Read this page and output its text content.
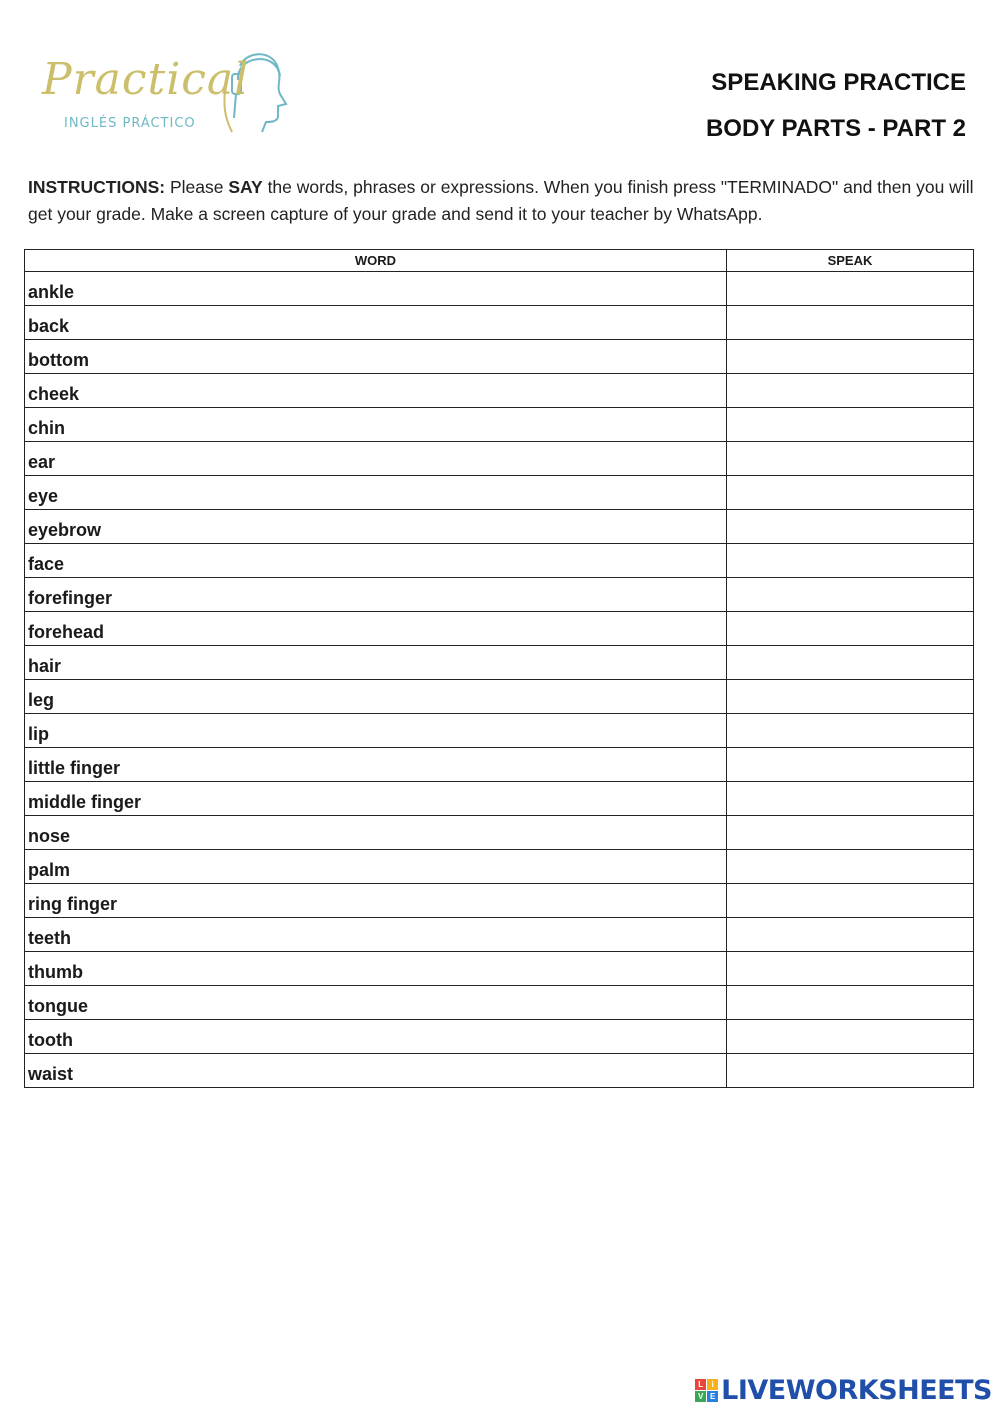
Practical
INGLÉS PRÁCTICO
SPEAKING PRACTICE
BODY PARTS - PART 2
INSTRUCTIONS: Please SAY the words, phrases or expressions. When you finish press "TERMINADO" and then you will get your grade. Make a screen capture of your grade and send it to your teacher by WhatsApp.
WORD	SPEAK
ankle	
back	
bottom	
cheek	
chin	
ear	
eye	
eyebrow	
face	
forefinger	
forehead	
hair	
leg	
lip	
little finger	
middle finger	
nose	
palm	
ring finger	
teeth	
thumb	
tongue	
tooth	
waist	
L	i
V E LIVEWORKSHEETS
